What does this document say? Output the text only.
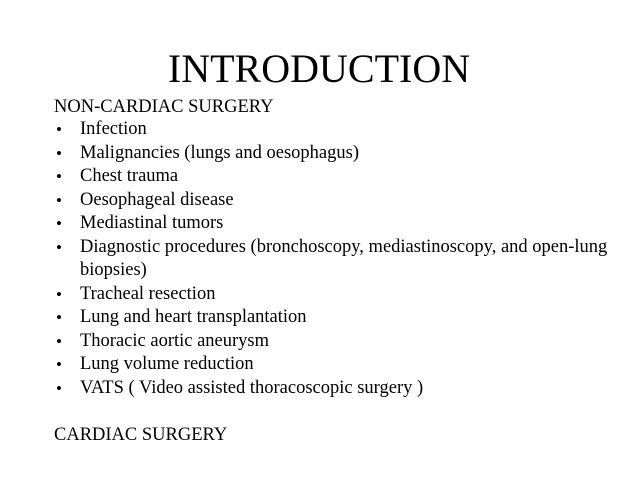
INTRODUCTION

NON-CARDIAC SURGERY

• Infection
• Malignancies (lungs and oesophagus)
• Chest trauma
• Oesophageal disease
• Mediastinal tumors
• Diagnostic procedures (bronchoscopy, mediastinoscopy, and open-lung biopsies)
• Tracheal resection
• Lung and heart transplantation
• Thoracic aortic aneurysm
• Lung volume reduction
• VATS ( Video assisted thoracoscopic surgery )

CARDIAC SURGERY
